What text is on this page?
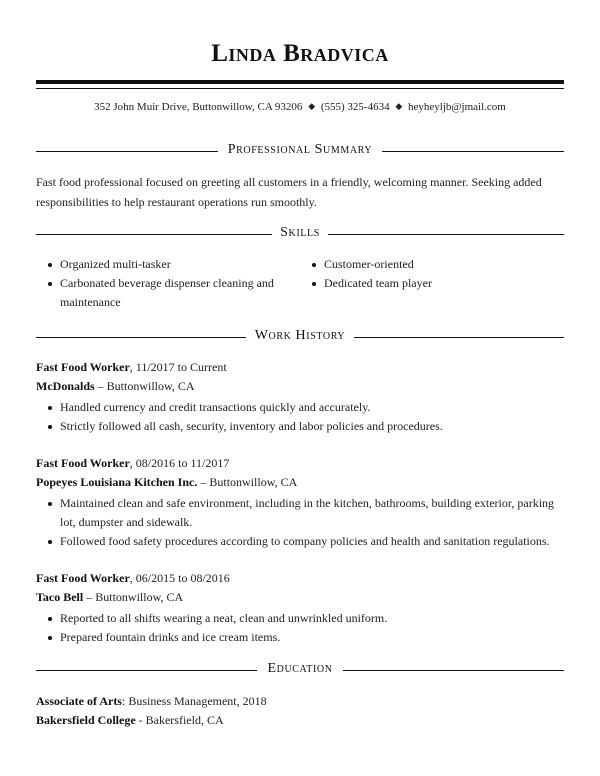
Linda Bradvica
352 John Muir Drive, Buttonwillow, CA 93206 ◆ (555) 325-4634 ◆ heyheyljb@jmail.com
Professional Summary
Fast food professional focused on greeting all customers in a friendly, welcoming manner. Seeking added responsibilities to help restaurant operations run smoothly.
Skills
Organized multi-tasker
Carbonated beverage dispenser cleaning and maintenance
Customer-oriented
Dedicated team player
Work History
Fast Food Worker, 11/2017 to Current
McDonalds – Buttonwillow, CA
Handled currency and credit transactions quickly and accurately.
Strictly followed all cash, security, inventory and labor policies and procedures.
Fast Food Worker, 08/2016 to 11/2017
Popeyes Louisiana Kitchen Inc. – Buttonwillow, CA
Maintained clean and safe environment, including in the kitchen, bathrooms, building exterior, parking lot, dumpster and sidewalk.
Followed food safety procedures according to company policies and health and sanitation regulations.
Fast Food Worker, 06/2015 to 08/2016
Taco Bell – Buttonwillow, CA
Reported to all shifts wearing a neat, clean and unwrinkled uniform.
Prepared fountain drinks and ice cream items.
Education
Associate of Arts: Business Management, 2018
Bakersfield College - Bakersfield, CA
